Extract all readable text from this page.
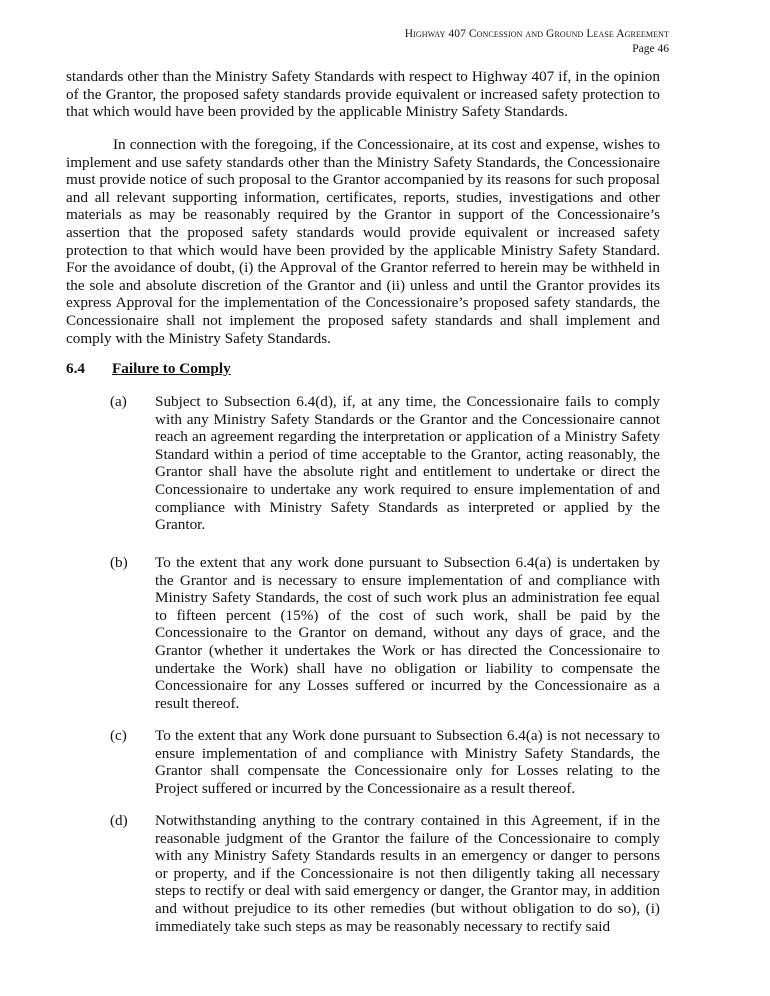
Highway 407 Concession and Ground Lease Agreement
Page 46
standards other than the Ministry Safety Standards with respect to Highway 407 if, in the opinion of the Grantor, the proposed safety standards provide equivalent or increased safety protection to that which would have been provided by the applicable Ministry Safety Standards.
In connection with the foregoing, if the Concessionaire, at its cost and expense, wishes to implement and use safety standards other than the Ministry Safety Standards, the Concessionaire must provide notice of such proposal to the Grantor accompanied by its reasons for such proposal and all relevant supporting information, certificates, reports, studies, investigations and other materials as may be reasonably required by the Grantor in support of the Concessionaire’s assertion that the proposed safety standards would provide equivalent or increased safety protection to that which would have been provided by the applicable Ministry Safety Standard. For the avoidance of doubt, (i) the Approval of the Grantor referred to herein may be withheld in the sole and absolute discretion of the Grantor and (ii) unless and until the Grantor provides its express Approval for the implementation of the Concessionaire’s proposed safety standards, the Concessionaire shall not implement the proposed safety standards and shall implement and comply with the Ministry Safety Standards.
6.4 Failure to Comply
(a) Subject to Subsection 6.4(d), if, at any time, the Concessionaire fails to comply with any Ministry Safety Standards or the Grantor and the Concessionaire cannot reach an agreement regarding the interpretation or application of a Ministry Safety Standard within a period of time acceptable to the Grantor, acting reasonably, the Grantor shall have the absolute right and entitlement to undertake or direct the Concessionaire to undertake any work required to ensure implementation of and compliance with Ministry Safety Standards as interpreted or applied by the Grantor.
(b) To the extent that any work done pursuant to Subsection 6.4(a) is undertaken by the Grantor and is necessary to ensure implementation of and compliance with Ministry Safety Standards, the cost of such work plus an administration fee equal to fifteen percent (15%) of the cost of such work, shall be paid by the Concessionaire to the Grantor on demand, without any days of grace, and the Grantor (whether it undertakes the Work or has directed the Concessionaire to undertake the Work) shall have no obligation or liability to compensate the Concessionaire for any Losses suffered or incurred by the Concessionaire as a result thereof.
(c) To the extent that any Work done pursuant to Subsection 6.4(a) is not necessary to ensure implementation of and compliance with Ministry Safety Standards, the Grantor shall compensate the Concessionaire only for Losses relating to the Project suffered or incurred by the Concessionaire as a result thereof.
(d) Notwithstanding anything to the contrary contained in this Agreement, if in the reasonable judgment of the Grantor the failure of the Concessionaire to comply with any Ministry Safety Standards results in an emergency or danger to persons or property, and if the Concessionaire is not then diligently taking all necessary steps to rectify or deal with said emergency or danger, the Grantor may, in addition and without prejudice to its other remedies (but without obligation to do so), (i) immediately take such steps as may be reasonably necessary to rectify said
